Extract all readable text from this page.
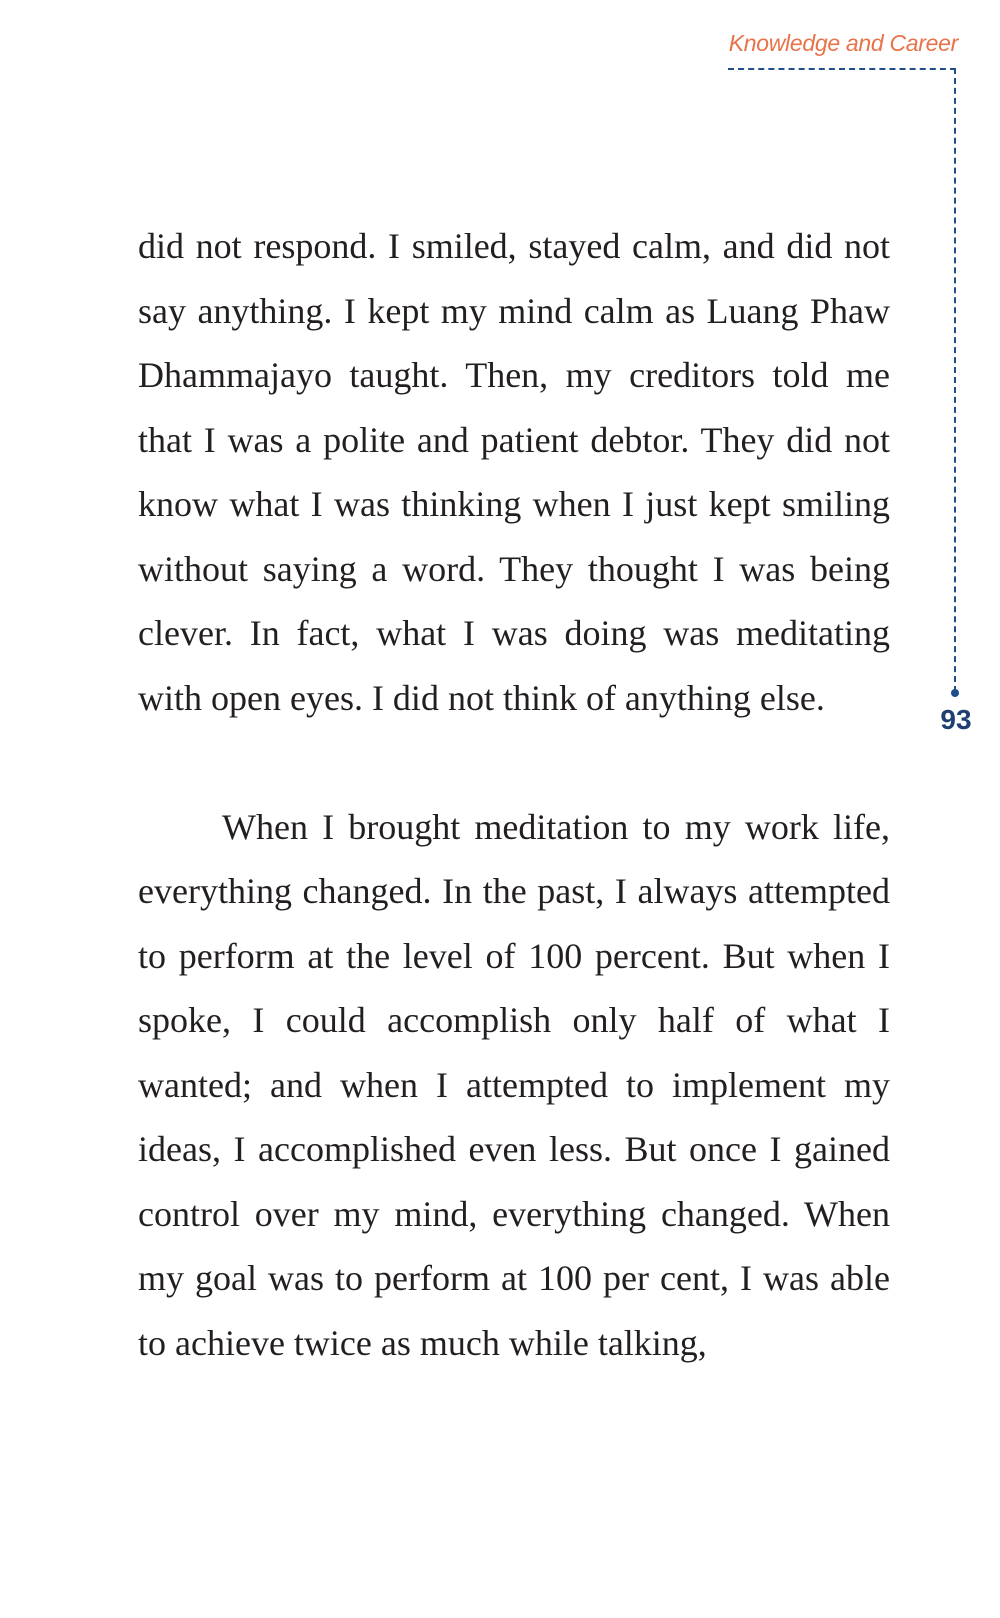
Knowledge and Career
93

did not respond. I smiled, stayed calm, and did not say anything. I kept my mind calm as Luang Phaw Dhammajayo taught. Then, my creditors told me that I was a polite and patient debtor. They did not know what I was thinking when I just kept smiling without saying a word. They thought I was being clever. In fact, what I was doing was meditating with open eyes. I did not think of anything else.

When I brought meditation to my work life, everything changed. In the past, I always attempted to perform at the level of 100 percent. But when I spoke, I could accomplish only half of what I wanted; and when I attempted to implement my ideas, I accomplished even less. But once I gained control over my mind, everything changed. When my goal was to perform at 100 per cent, I was able to achieve twice as much while talking,
